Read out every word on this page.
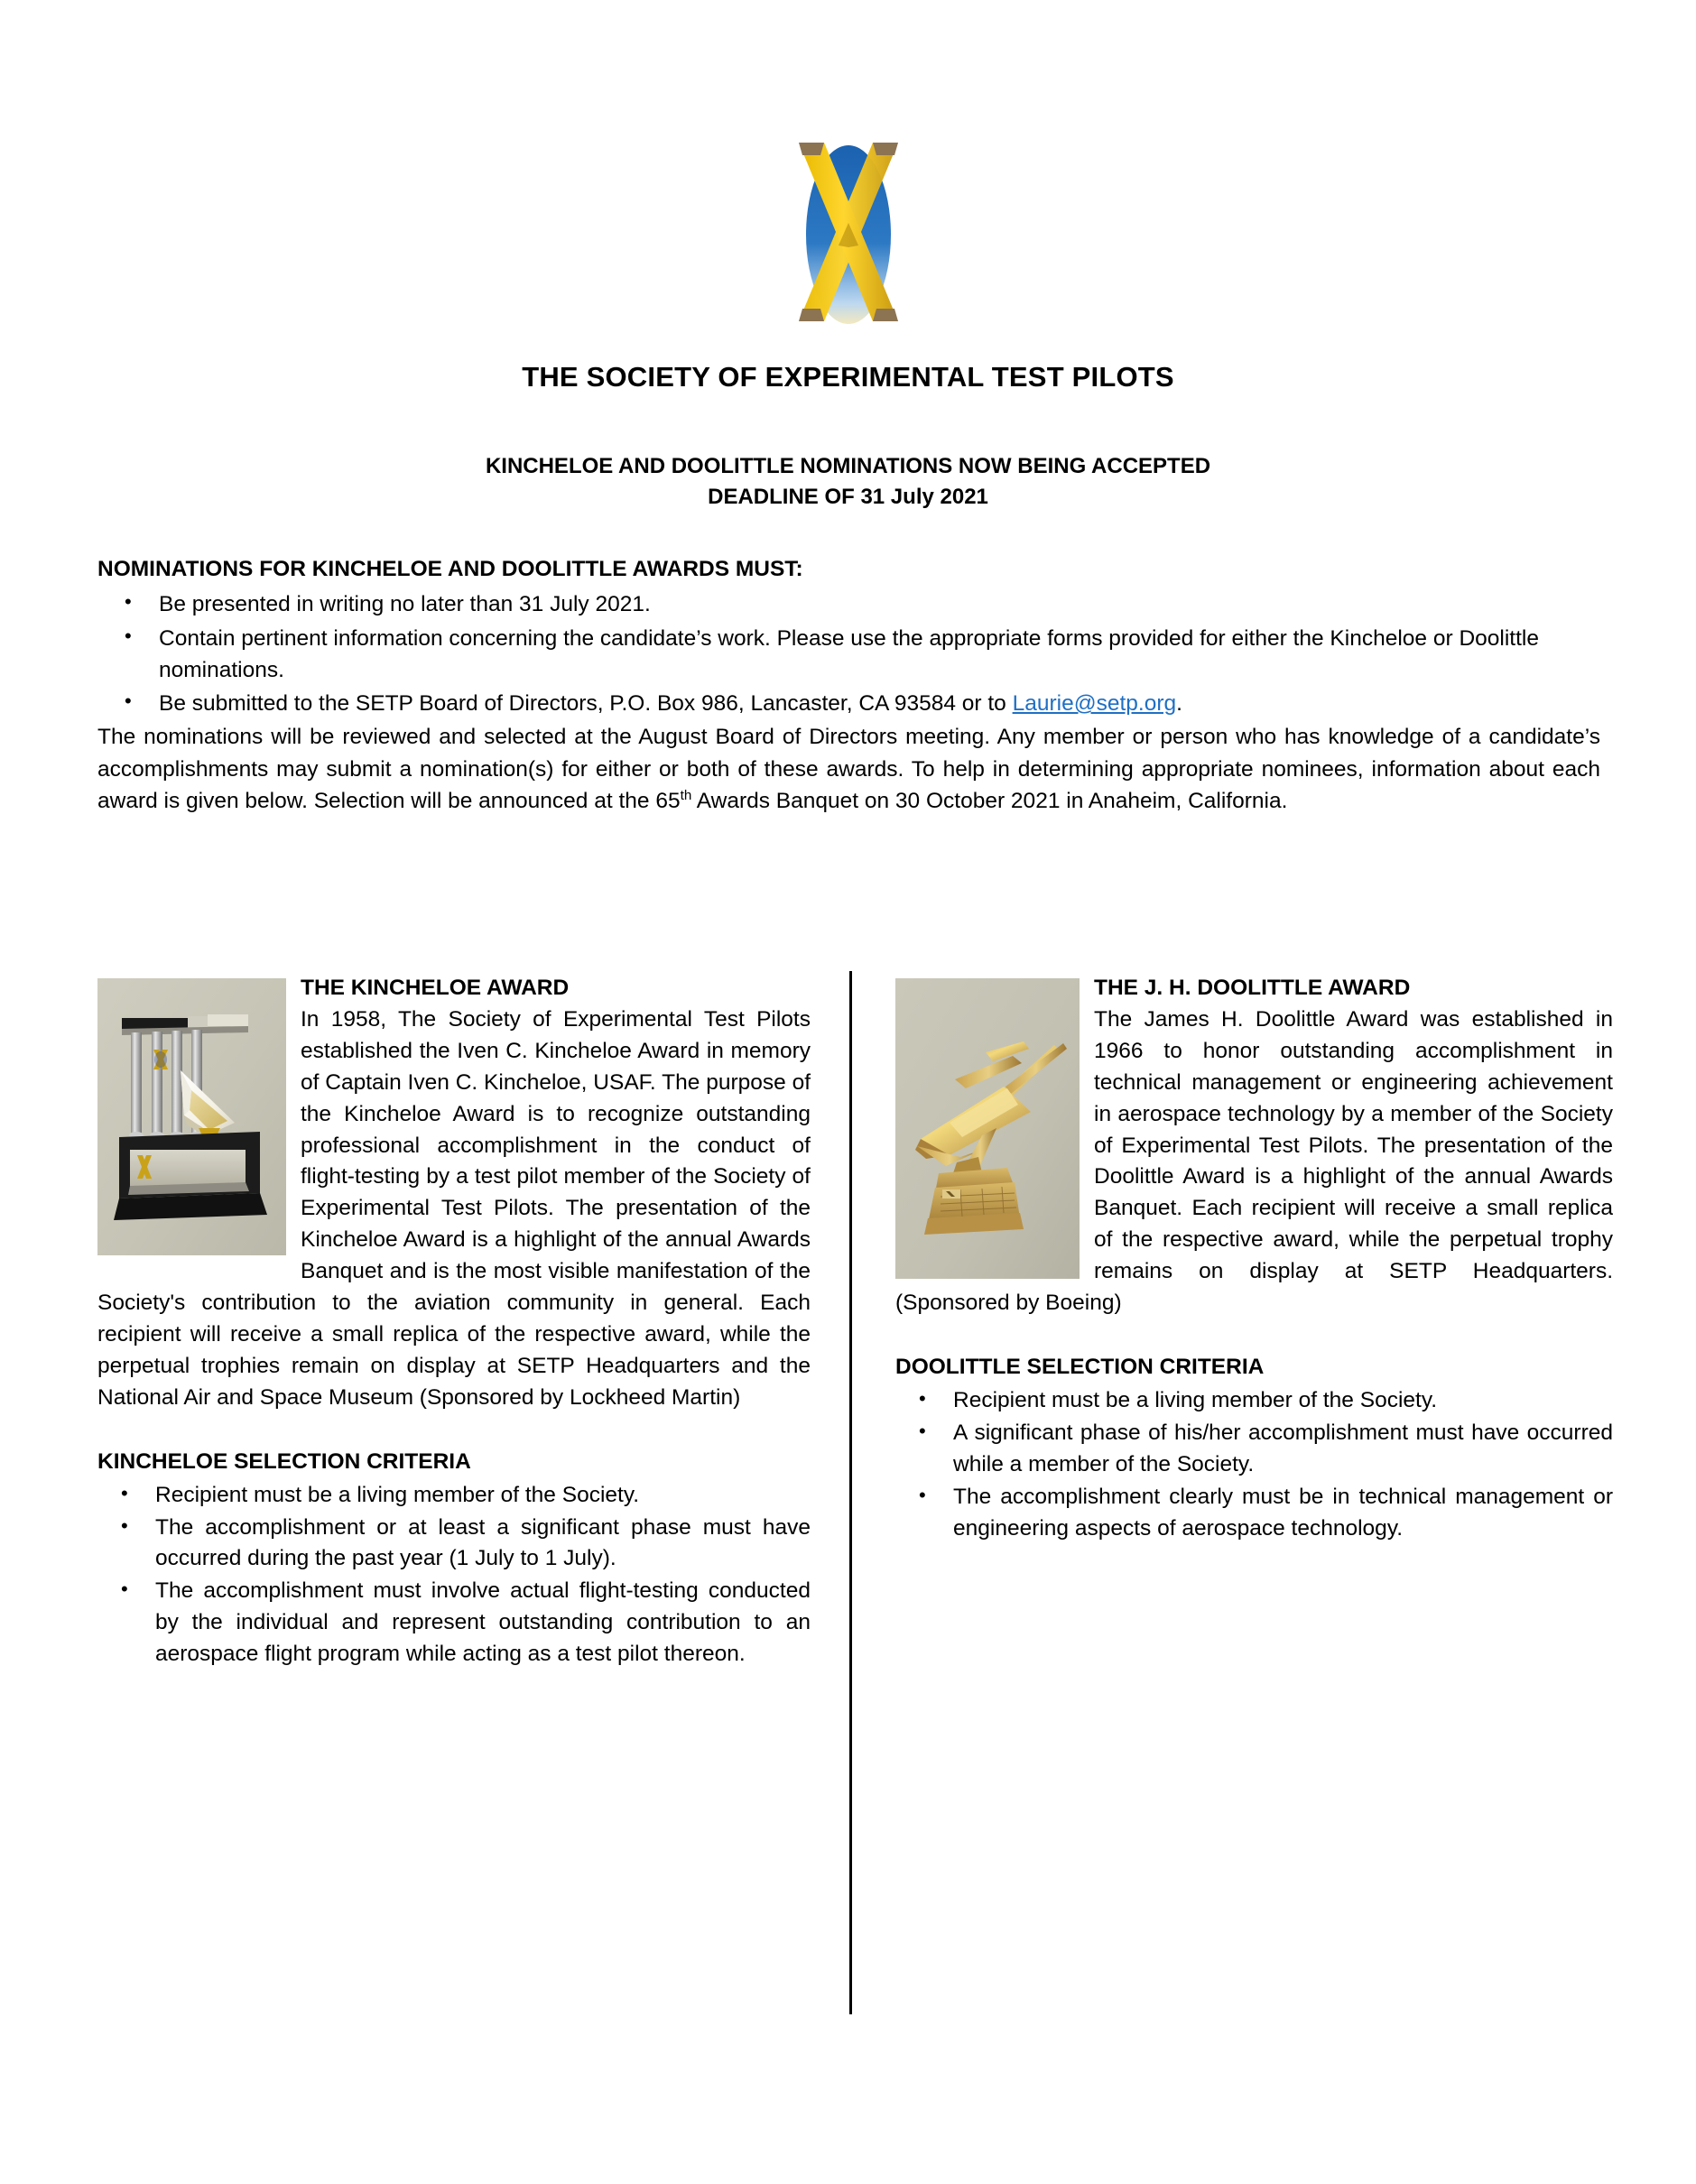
THE SOCIETY OF EXPERIMENTAL TEST PILOTS
KINCHELOE AND DOOLITTLE NOMINATIONS NOW BEING ACCEPTED
DEADLINE OF 31 July 2021
NOMINATIONS FOR KINCHELOE AND DOOLITTLE AWARDS MUST:
• Be presented in writing no later than 31 July 2021.
• Contain pertinent information concerning the candidate’s work. Please use the appropriate forms provided for either the Kincheloe or Doolittle nominations.
• Be submitted to the SETP Board of Directors, P.O. Box 986, Lancaster, CA 93584 or to Laurie@setp.org.

The nominations will be reviewed and selected at the August Board of Directors meeting. Any member or person who has knowledge of a candidate’s accomplishments may submit a nomination(s) for either or both of these awards. To help in determining appropriate nominees, information about each award is given below. Selection will be announced at the 65th Awards Banquet on 30 October 2021 in Anaheim, California.

THE KINCHELOE AWARD

In 1958, The Society of Experimental Test Pilots established the Iven C. Kincheloe Award in memory of Captain Iven C. Kincheloe, USAF. The purpose of the Kincheloe Award is to recognize outstanding professional accomplishment in the conduct of flight-testing by a test pilot member of the Society of Experimental Test Pilots. The presentation of the Kincheloe Award is a highlight of the annual Awards Banquet and is the most visible manifestation of the Society's contribution to the aviation community in general. Each recipient will receive a small replica of the respective award, while the perpetual trophies remain on display at SETP Headquarters and the National Air and Space Museum (Sponsored by Lockheed Martin)

KINCHELOE SELECTION CRITERIA
• Recipient must be a living member of the Society.
• The accomplishment or at least a significant phase must have occurred during the past year (1 July to 1 July).
• The accomplishment must involve actual flight-testing conducted by the individual and represent outstanding contribution to an aerospace flight program while acting as a test pilot thereon.
THE J. H. DOOLITTLE AWARD

The James H. Doolittle Award was established in 1966 to honor outstanding accomplishment in technical management or engineering achievement in aerospace technology by a member of the Society of Experimental Test Pilots. The presentation of the Doolittle Award is a highlight of the annual Awards Banquet. Each recipient will receive a small replica of the respective award, while the perpetual trophy remains on display at SETP Headquarters. (Sponsored by Boeing)

DOOLITTLE SELECTION CRITERIA
• Recipient must be a living member of the Society.
• A significant phase of his/her accomplishment must have occurred while a member of the Society.
• The accomplishment clearly must be in technical management or engineering aspects of aerospace technology.
